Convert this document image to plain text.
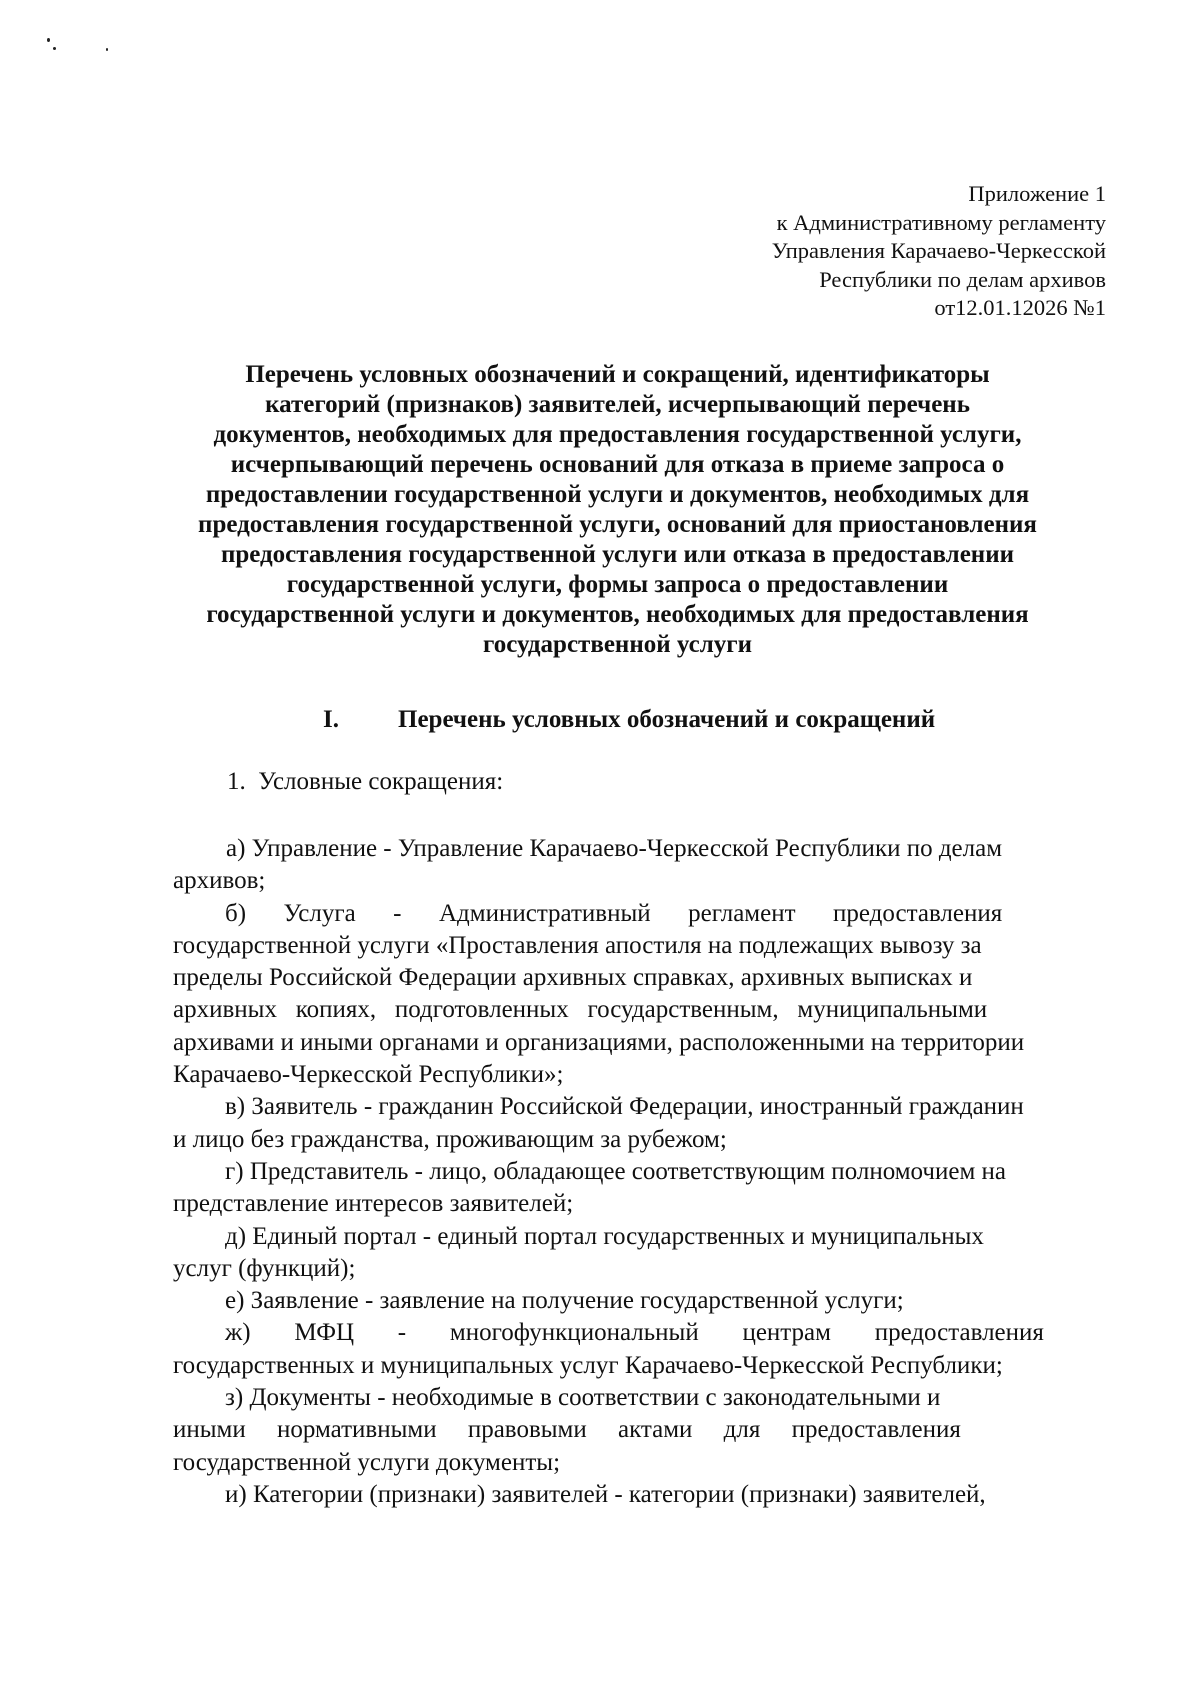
Приложение 1
к Административному регламенту
Управления Карачаево-Черкесской
Республики по делам архивов
от12.01.12026 №1
Перечень условных обозначений и сокращений, идентификаторы
категорий (признаков) заявителей, исчерпывающий перечень
документов, необходимых для предоставления государственной услуги,
исчерпывающий перечень оснований для отказа в приеме запроса о
предоставлении государственной услуги и документов, необходимых для
предоставления государственной услуги, оснований для приостановления
предоставления государственной услуги или отказа в предоставлении
государственной услуги, формы запроса о предоставлении
государственной услуги и документов, необходимых для предоставления
государственной услуги
I. Перечень условных обозначений и сокращений
1. Условные сокращения:
а) Управление - Управление Карачаево-Черкесской Республики по делам
архивов;
б)      Услуга      -      Административный      регламент      предоставления
государственной услуги «Проставления апостиля на подлежащих вывозу за
пределы Российской Федерации архивных справках, архивных выписках и
архивных   копиях,   подготовленных   государственным,   муниципальными
архивами и иными органами и организациями, расположенными на территории
Карачаево-Черкесской Республики»;
в) Заявитель - гражданин Российской Федерации, иностранный гражданин
и лицо без гражданства, проживающим за рубежом;
г) Представитель - лицо, обладающее соответствующим полномочием на
представление интересов заявителей;
д) Единый портал - единый портал государственных и муниципальных
услуг (функций);
е) Заявление - заявление на получение государственной услуги;
ж)       МФЦ       -       многофункциональный       центрам       предоставления
государственных и муниципальных услуг Карачаево-Черкесской Республики;
з) Документы - необходимые в соответствии с законодательными и
иными     нормативными     правовыми     актами     для     предоставления
государственной услуги документы;
и) Категории (признаки) заявителей - категории (признаки) заявителей,
